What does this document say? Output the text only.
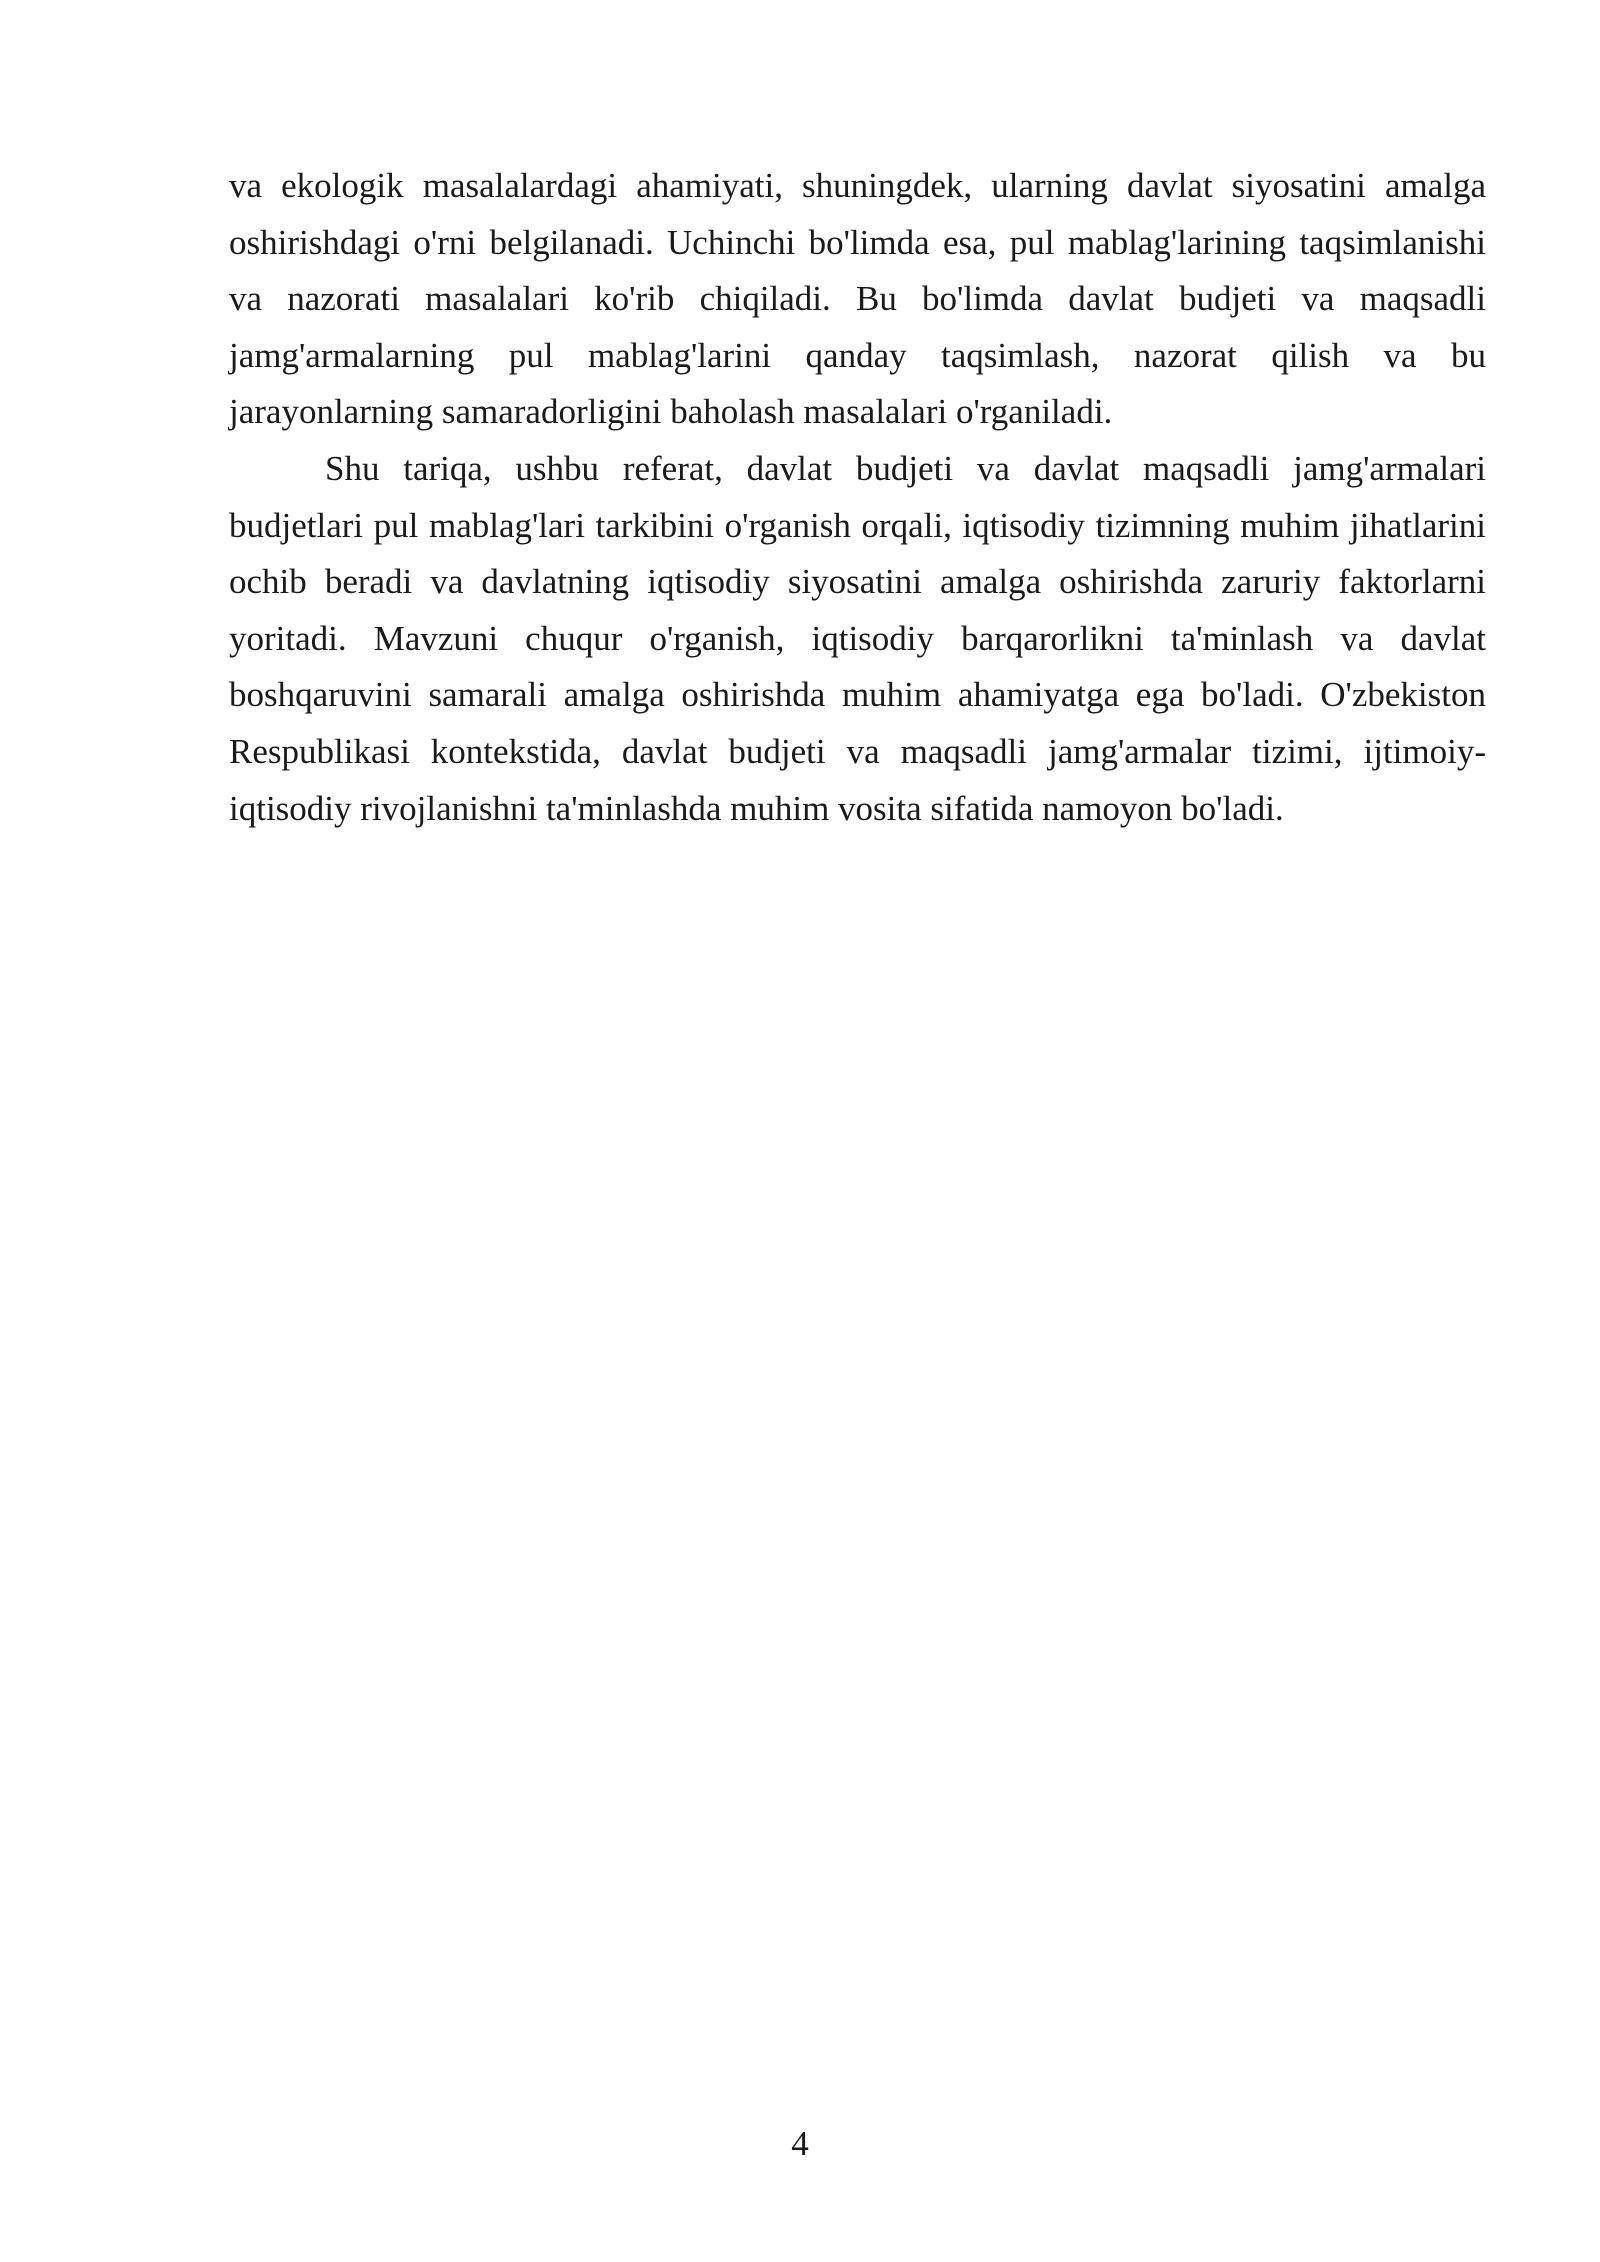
va ekologik masalalardagi ahamiyati, shuningdek, ularning davlat siyosatini amalga oshirishdagi o'rni belgilanadi. Uchinchi bo'limda esa, pul mablag'larining taqsimlanishi va nazorati masalalari ko'rib chiqiladi. Bu bo'limda davlat budjeti va maqsadli jamg'armalarning pul mablag'larini qanday taqsimlash, nazorat qilish va bu jarayonlarning samaradorligini baholash masalalari o'rganiladi.

Shu tariqa, ushbu referat, davlat budjeti va davlat maqsadli jamg'armalari budjetlari pul mablag'lari tarkibini o'rganish orqali, iqtisodiy tizimning muhim jihatlarini ochib beradi va davlatning iqtisodiy siyosatini amalga oshirishda zaruriy faktorlarni yoritadi. Mavzuni chuqur o'rganish, iqtisodiy barqarorlikni ta'minlash va davlat boshqaruvini samarali amalga oshirishda muhim ahamiyatga ega bo'ladi. O'zbekiston Respublikasi kontekstida, davlat budjeti va maqsadli jamg'armalar tizimi, ijtimoiy-iqtisodiy rivojlanishni ta'minlashda muhim vosita sifatida namoyon bo'ladi.

4
